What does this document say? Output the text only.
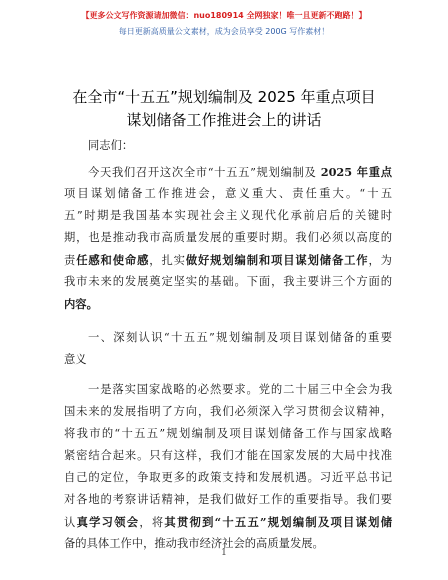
【更多公文写作资源请加微信：nuo180914 全网独家！唯一且更新不跑路！】
每日更新高质量公文素材，成为会员享受 200G 写作素材！
在全市“十五五”规划编制及 2025 年重点项目
谋划储备工作推进会上的讲话
同志们：
今天我们召开这次全市“十五五”规划编制及 2025 年重点
项目谋划储备工作推进会，意义重大、责任重大。“十五
五”时期是我国基本实现社会主义现代化承前启后的关键时
期，也是推动我市高质量发展的重要时期。我们必须以高度的
责任感和使命感，扎实做好规划编制和项目谋划储备工作，为
我市未来的发展奠定坚实的基础。下面，我主要讲三个方面的
内容。
一、深刻认识“十五五”规划编制及项目谋划储备的重要
意义
一是落实国家战略的必然要求。党的二十届三中全会为我
国未来的发展指明了方向，我们必须深入学习贯彻会议精神，
将我市的“十五五”规划编制及项目谋划储备工作与国家战略
紧密结合起来。只有这样，我们才能在国家发展的大局中找准
自己的定位，争取更多的政策支持和发展机遇。习近平总书记
对各地的考察讲话精神，是我们做好工作的重要指导。我们要
认真学习领会，将其贯彻到“十五五”规划编制及项目谋划储
备的具体工作中，推动我市经济社会的高质量发展。
1
